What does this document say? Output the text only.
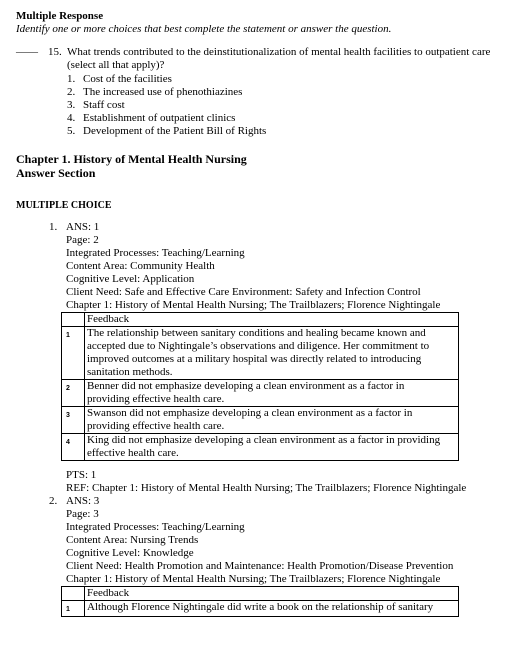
Multiple Response
Identify one or more choices that best complete the statement or answer the question.
____ 15. What trends contributed to the deinstitutionalization of mental health facilities to outpatient care
(select all that apply)?
1. Cost of the facilities
2. The increased use of phenothiazines
3. Staff cost
4. Establishment of outpatient clinics
5. Development of the Patient Bill of Rights
Chapter 1. History of Mental Health Nursing
Answer Section
MULTIPLE CHOICE
1. ANS: 1
Page: 2
Integrated Processes: Teaching/Learning
Content Area: Community Health
Cognitive Level: Application
Client Need: Safe and Effective Care Environment: Safety and Infection Control
Chapter 1: History of Mental Health Nursing; The Trailblazers; Florence Nightingale
	Feedback
1	The relationship between sanitary conditions and healing became known and
accepted due to Nightingale’s observations and diligence. Her commitment to
improved outcomes at a military hospital was directly related to introducing
sanitation methods.

2	Benner did not emphasize developing a clean environment as a factor in
providing effective health care.

3	Swanson did not emphasize developing a clean environment as a factor in
providing effective health care.

4	King did not emphasize developing a clean environment as a factor in providing
effective health care.
PTS: 1
REF: Chapter 1: History of Mental Health Nursing; The Trailblazers; Florence Nightingale
2. ANS: 3
Page: 3
Integrated Processes: Teaching/Learning
Content Area: Nursing Trends
Cognitive Level: Knowledge
Client Need: Health Promotion and Maintenance: Health Promotion/Disease Prevention
Chapter 1: History of Mental Health Nursing; The Trailblazers; Florence Nightingale
	Feedback
1	Although Florence Nightingale did write a book on the relationship of sanitary
